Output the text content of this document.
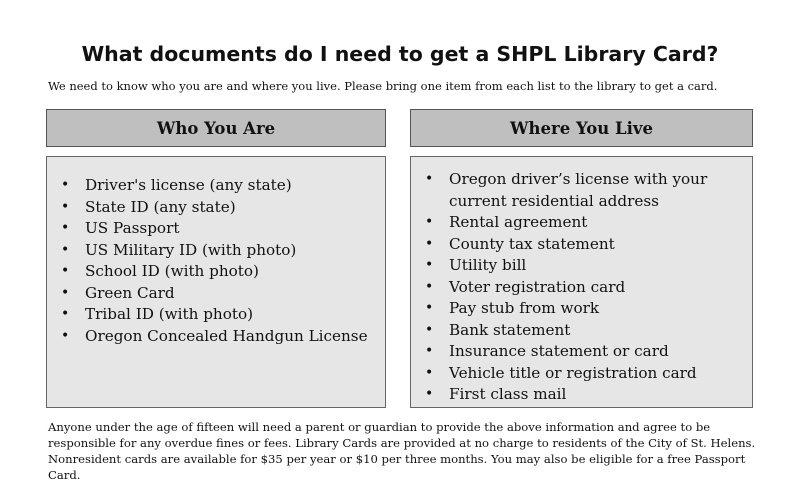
What documents do I need to get a SHPL Library Card?
We need to know who you are and where you live. Please bring one item from each list to the library to get a card.
Who You Are	Where You Live
• Driver's license (any state)
• State ID (any state)
• US Passport
• US Military ID (with photo)
• School ID (with photo)
• Green Card
• Tribal ID (with photo)
• Oregon Concealed Handgun License
• Oregon driver’s license with your current residential address
• Rental agreement
• County tax statement
• Utility bill
• Voter registration card
• Pay stub from work
• Bank statement
• Insurance statement or card
• Vehicle title or registration card
• First class mail
Anyone under the age of fifteen will need a parent or guardian to provide the above information and agree to be responsible for any overdue fines or fees. Library Cards are provided at no charge to residents of the City of St. Helens. Nonresident cards are available for $35 per year or $10 per three months. You may also be eligible for a free Passport Card.
